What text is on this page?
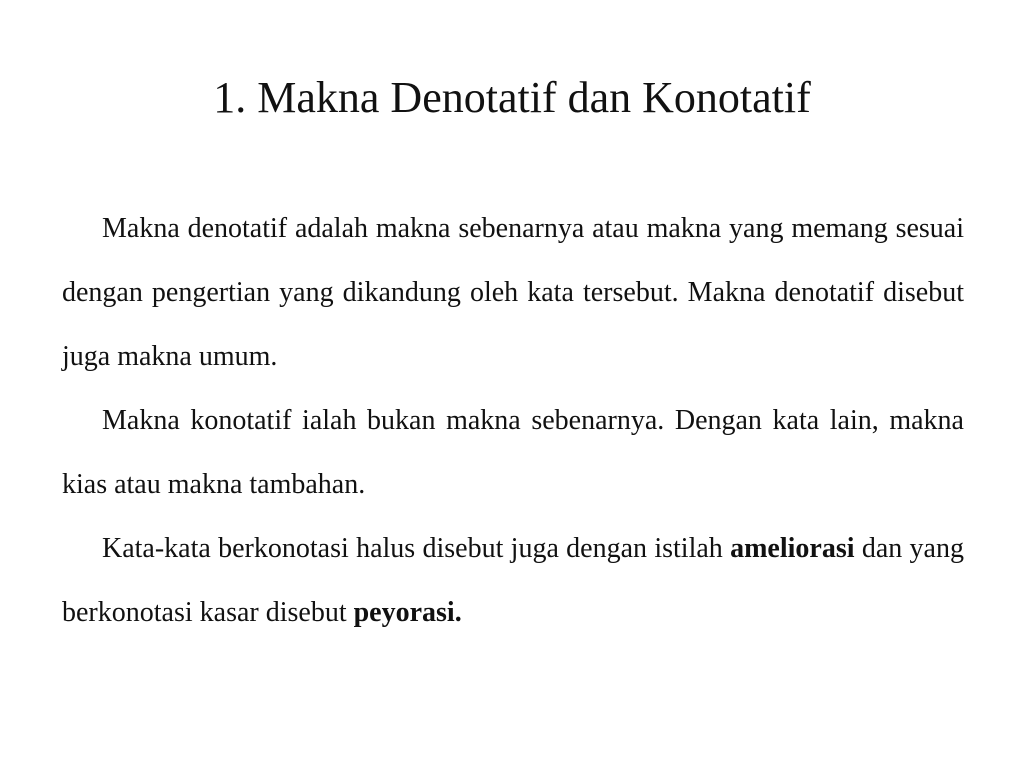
1. Makna Denotatif dan Konotatif

Makna denotatif adalah makna sebenarnya atau makna yang memang sesuai dengan pengertian yang dikandung oleh kata tersebut. Makna denotatif disebut juga makna umum.

Makna konotatif ialah bukan makna sebenarnya. Dengan kata lain, makna kias atau makna tambahan.

Kata-kata berkonotasi halus disebut juga dengan istilah ameliorasi dan yang berkonotasi kasar disebut peyorasi.
